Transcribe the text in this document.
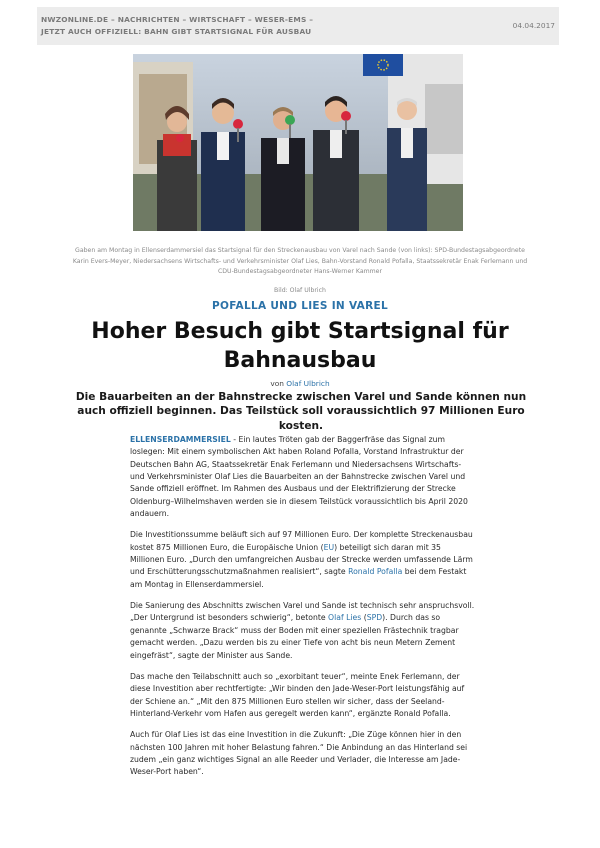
NWZONLINE.DE – NACHRICHTEN – WIRTSCHAFT – WESER-EMS –
JETZT AUCH OFFIZIELL: BAHN GIBT STARTSIGNAL FÜR AUSBAU
04.04.2017
Gaben am Montag in Ellenserdammersiel das Startsignal für den Streckenausbau von Varel nach Sande (von links): SPD-Bundestagsabgeordnete Karin Evers-Meyer, Niedersachsens Wirtschafts- und Verkehrsminister Olaf Lies, Bahn-Vorstand Ronald Pofalla, Staatssekretär Enak Ferlemann und CDU-Bundestagsabgeordneter Hans-Werner Kammer
Bild: Olaf Ulbrich
POFALLA UND LIES IN VAREL
Hoher Besuch gibt Startsignal für Bahnausbau
von Olaf Ulbrich
Die Bauarbeiten an der Bahnstrecke zwischen Varel und Sande können nun auch offiziell beginnen. Das Teilstück soll voraussichtlich 97 Millionen Euro kosten.

ELLENSERDAMMERSIEL - Ein lautes Tröten gab der Baggerfräse das Signal zum loslegen: Mit einem symbolischen Akt haben Roland Pofalla, Vorstand Infrastruktur der Deutschen Bahn AG, Staatssekretär Enak Ferlemann und Niedersachsens Wirtschafts- und Verkehrsminister Olaf Lies die Bauarbeiten an der Bahnstrecke zwischen Varel und Sande offiziell eröffnet. Im Rahmen des Ausbaus und der Elektrifizierung der Strecke Oldenburg–Wilhelmshaven werden sie in diesem Teilstück voraussichtlich bis April 2020 andauern.

Die Investitionssumme beläuft sich auf 97 Millionen Euro. Der komplette Streckenausbau kostet 875 Millionen Euro, die Europäische Union (EU) beteiligt sich daran mit 35 Millionen Euro. „Durch den umfangreichen Ausbau der Strecke werden umfassende Lärm und Erschütterungsschutzmaßnahmen realisiert“, sagte Ronald Pofalla bei dem Festakt am Montag in Ellenserdammersiel.

Die Sanierung des Abschnitts zwischen Varel und Sande ist technisch sehr anspruchsvoll. „Der Untergrund ist besonders schwierig“, betonte Olaf Lies (SPD). Durch das so genannte „Schwarze Brack“ muss der Boden mit einer speziellen Frästechnik tragbar gemacht werden. „Dazu werden bis zu einer Tiefe von acht bis neun Metern Zement eingefräst“, sagte der Minister aus Sande.

Das mache den Teilabschnitt auch so „exorbitant teuer“, meinte Enek Ferlemann, der diese Investition aber rechtfertigte: „Wir binden den Jade-Weser-Port leistungsfähig auf der Schiene an.“ „Mit den 875 Millionen Euro stellen wir sicher, dass der Seeland-Hinterland-Verkehr vom Hafen aus geregelt werden kann“, ergänzte Ronald Pofalla.

Auch für Olaf Lies ist das eine Investition in die Zukunft: „Die Züge können hier in den nächsten 100 Jahren mit hoher Belastung fahren.“ Die Anbindung an das Hinterland sei zudem „ein ganz wichtiges Signal an alle Reeder und Verlader, die Interesse am Jade-Weser-Port haben“.
